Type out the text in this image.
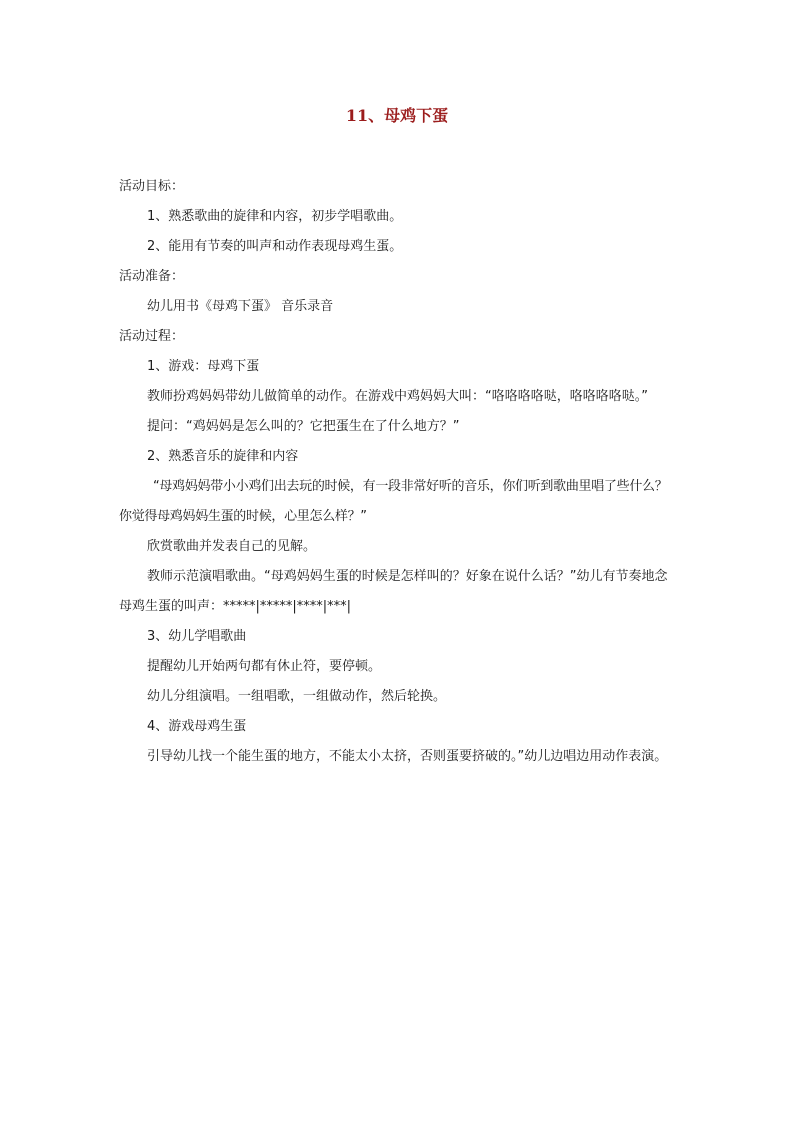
11、母鸡下蛋

活动目标：

1、熟悉歌曲的旋律和内容，初步学唱歌曲。

2、能用有节奏的叫声和动作表现母鸡生蛋。

活动准备：

幼儿用书《母鸡下蛋》 音乐录音

活动过程：

1、游戏：母鸡下蛋

教师扮鸡妈妈带幼儿做简单的动作。在游戏中鸡妈妈大叫：“咯咯咯咯哒，咯咯咯咯哒。”

提问：“鸡妈妈是怎么叫的？它把蛋生在了什么地方？”

2、熟悉音乐的旋律和内容

“母鸡妈妈带小小鸡们出去玩的时候，有一段非常好听的音乐，你们听到歌曲里唱了些什么？你觉得母鸡妈妈生蛋的时候，心里怎么样？”

欣赏歌曲并发表自己的见解。

教师示范演唱歌曲。“母鸡妈妈生蛋的时候是怎样叫的？好象在说什么话？”幼儿有节奏地念母鸡生蛋的叫声：*****|*****|****|***|

3、幼儿学唱歌曲

提醒幼儿开始两句都有休止符，要停顿。

幼儿分组演唱。一组唱歌，一组做动作，然后轮换。

4、游戏母鸡生蛋

引导幼儿找一个能生蛋的地方，不能太小太挤，否则蛋要挤破的。”幼儿边唱边用动作表演。
